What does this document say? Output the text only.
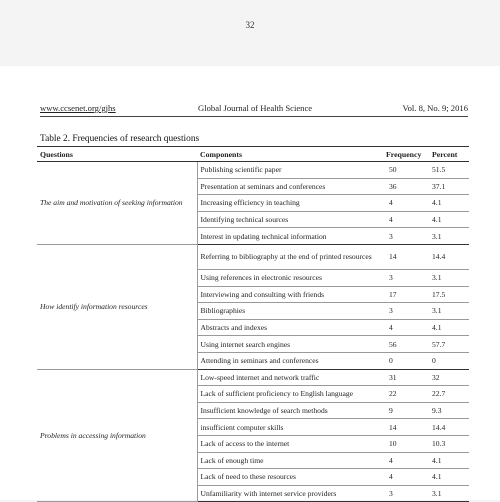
32
www.ccsenet.org/gjhs	Global Journal of Health Science	Vol. 8, No. 9; 2016
Table 2. Frequencies of research questions
Questions	Components	Frequency	Percent
The aim and motivation of seeking information	Publishing scientific paper	50	51.5
	Presentation at seminars and conferences	36	37.1
	Increasing efficiency in teaching	4	4.1
	Identifying technical sources	4	4.1
	Interest in updating technical information	3	3.1
How identify information resources	Referring to bibliography at the end of printed resources	14	14.4
	Using references in electronic resources	3	3.1
	Interviewing and consulting with friends	17	17.5
	Bibliographies	3	3.1
	Abstracts and indexes	4	4.1
	Using internet search engines	56	57.7
	Attending in seminars and conferences	0	0
Problems in accessing information	Low-speed internet and network traffic	31	32
	Lack of sufficient proficiency to English language	22	22.7
	Insufficient knowledge of search methods	9	9.3
	insufficient computer skills	14	14.4
	Lack of access to the internet	10	10.3
	Lack of enough time	4	4.1
	Lack of need to these resources	4	4.1
	Unfamiliarity with internet service providers	3	3.1
